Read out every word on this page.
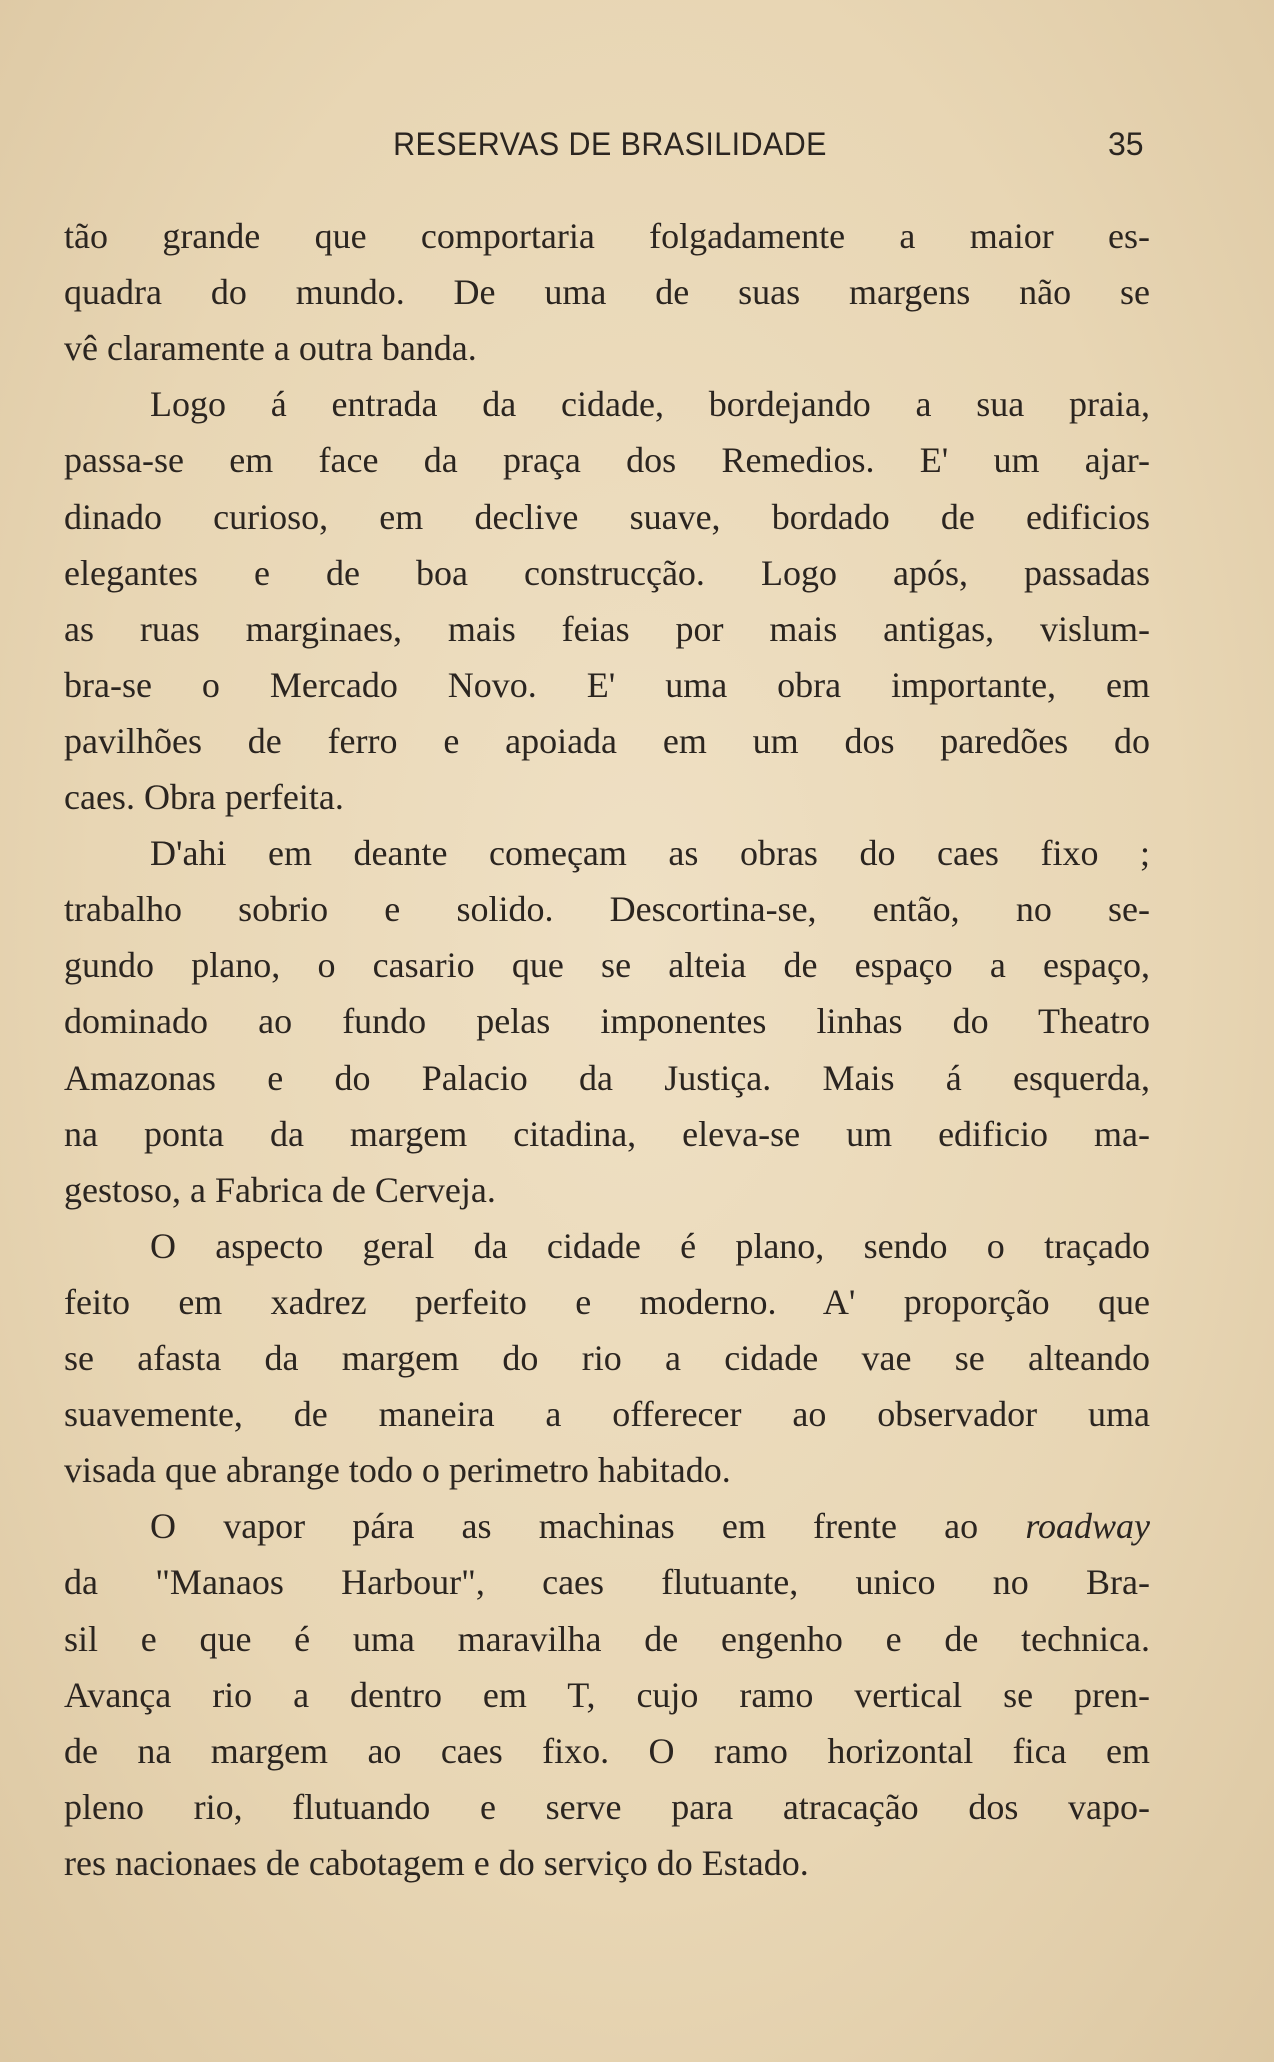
RESERVAS DE BRASILIDADE	35
tão grande que comportaria folgadamente a maior es-
quadra do mundo. De uma de suas margens não se
vê claramente a outra banda.
Logo á entrada da cidade, bordejando a sua praia,
passa-se em face da praça dos Remedios. E' um ajar-
dinado curioso, em declive suave, bordado de edificios
elegantes e de boa construcção. Logo após, passadas
as ruas marginaes, mais feias por mais antigas, vislum-
bra-se o Mercado Novo. E' uma obra importante, em
pavilhões de ferro e apoiada em um dos paredões do
caes. Obra perfeita.
D'ahi em deante começam as obras do caes fixo ;
trabalho sobrio e solido. Descortina-se, então, no se-
gundo plano, o casario que se alteia de espaço a espaço,
dominado ao fundo pelas imponentes linhas do Theatro
Amazonas e do Palacio da Justiça. Mais á esquerda,
na ponta da margem citadina, eleva-se um edificio ma-
gestoso, a Fabrica de Cerveja.
O aspecto geral da cidade é plano, sendo o traçado
feito em xadrez perfeito e moderno. A' proporção que
se afasta da margem do rio a cidade vae se alteando
suavemente, de maneira a offerecer ao observador uma
visada que abrange todo o perimetro habitado.
O vapor pára as machinas em frente ao roadway
da "Manaos Harbour", caes flutuante, unico no Bra-
sil e que é uma maravilha de engenho e de technica.
Avança rio a dentro em T, cujo ramo vertical se pren-
de na margem ao caes fixo. O ramo horizontal fica em
pleno rio, flutuando e serve para atracação dos vapo-
res nacionaes de cabotagem e do serviço do Estado.
